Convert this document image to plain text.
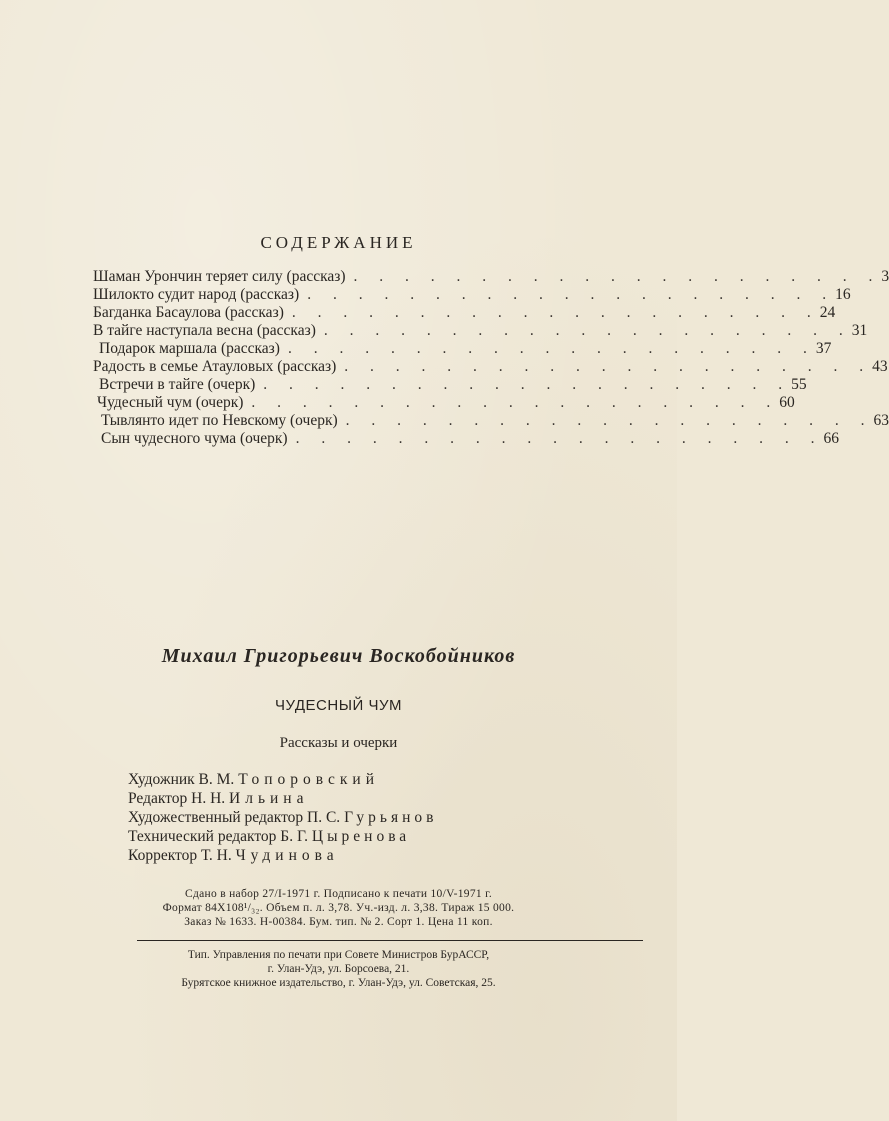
СОДЕРЖАНИЕ
Шаман Урончин теряет силу (рассказ) . . . . . . . . . . . . . . . . . . . . . 3
Шилокто судит народ (рассказ) . . . . . . . . . . . . . . . . . . . . . 16
Багданка Басаулова (рассказ) . . . . . . . . . . . . . . . . . . . . . 24
В тайге наступала весна (рассказ) . . . . . . . . . . . . . . . . . . . . . 31
Подарок маршала (рассказ) . . . . . . . . . . . . . . . . . . . . . 37
Радость в семье Атауловых (рассказ) . . . . . . . . . . . . . . . . . . . . . 43
Встречи в тайге (очерк) . . . . . . . . . . . . . . . . . . . . . 55
Чудесный чум (очерк) . . . . . . . . . . . . . . . . . . . . . 60
Тывлянто идет по Невскому (очерк) . . . . . . . . . . . . . . . . . . . . . 63
Сын чудесного чума (очерк) . . . . . . . . . . . . . . . . . . . . . 66
Михаил Григорьевич Воскобойников
ЧУДЕСНЫЙ ЧУМ
Рассказы и очерки
Художник В. М. Топоровский
Редактор Н. Н. Ильина
Художественный редактор П. С. Гурьянов
Технический редактор Б. Г. Цыренова
Корректор Т. Н. Чудинова
Сдано в набор 27/I-1971 г. Подписано к печати 10/V-1971 г.
Формат 84Х108¹/₃₂. Объем п. л. 3,78. Уч.-изд. л. 3,38. Тираж 15 000.
Заказ № 1633. Н-00384. Бум. тип. № 2. Сорт 1. Цена 11 коп.
Тип. Управления по печати при Совете Министров БурАССР,
г. Улан-Удэ, ул. Борсоева, 21.
Бурятское книжное издательство, г. Улан-Удэ, ул. Советская, 25.
